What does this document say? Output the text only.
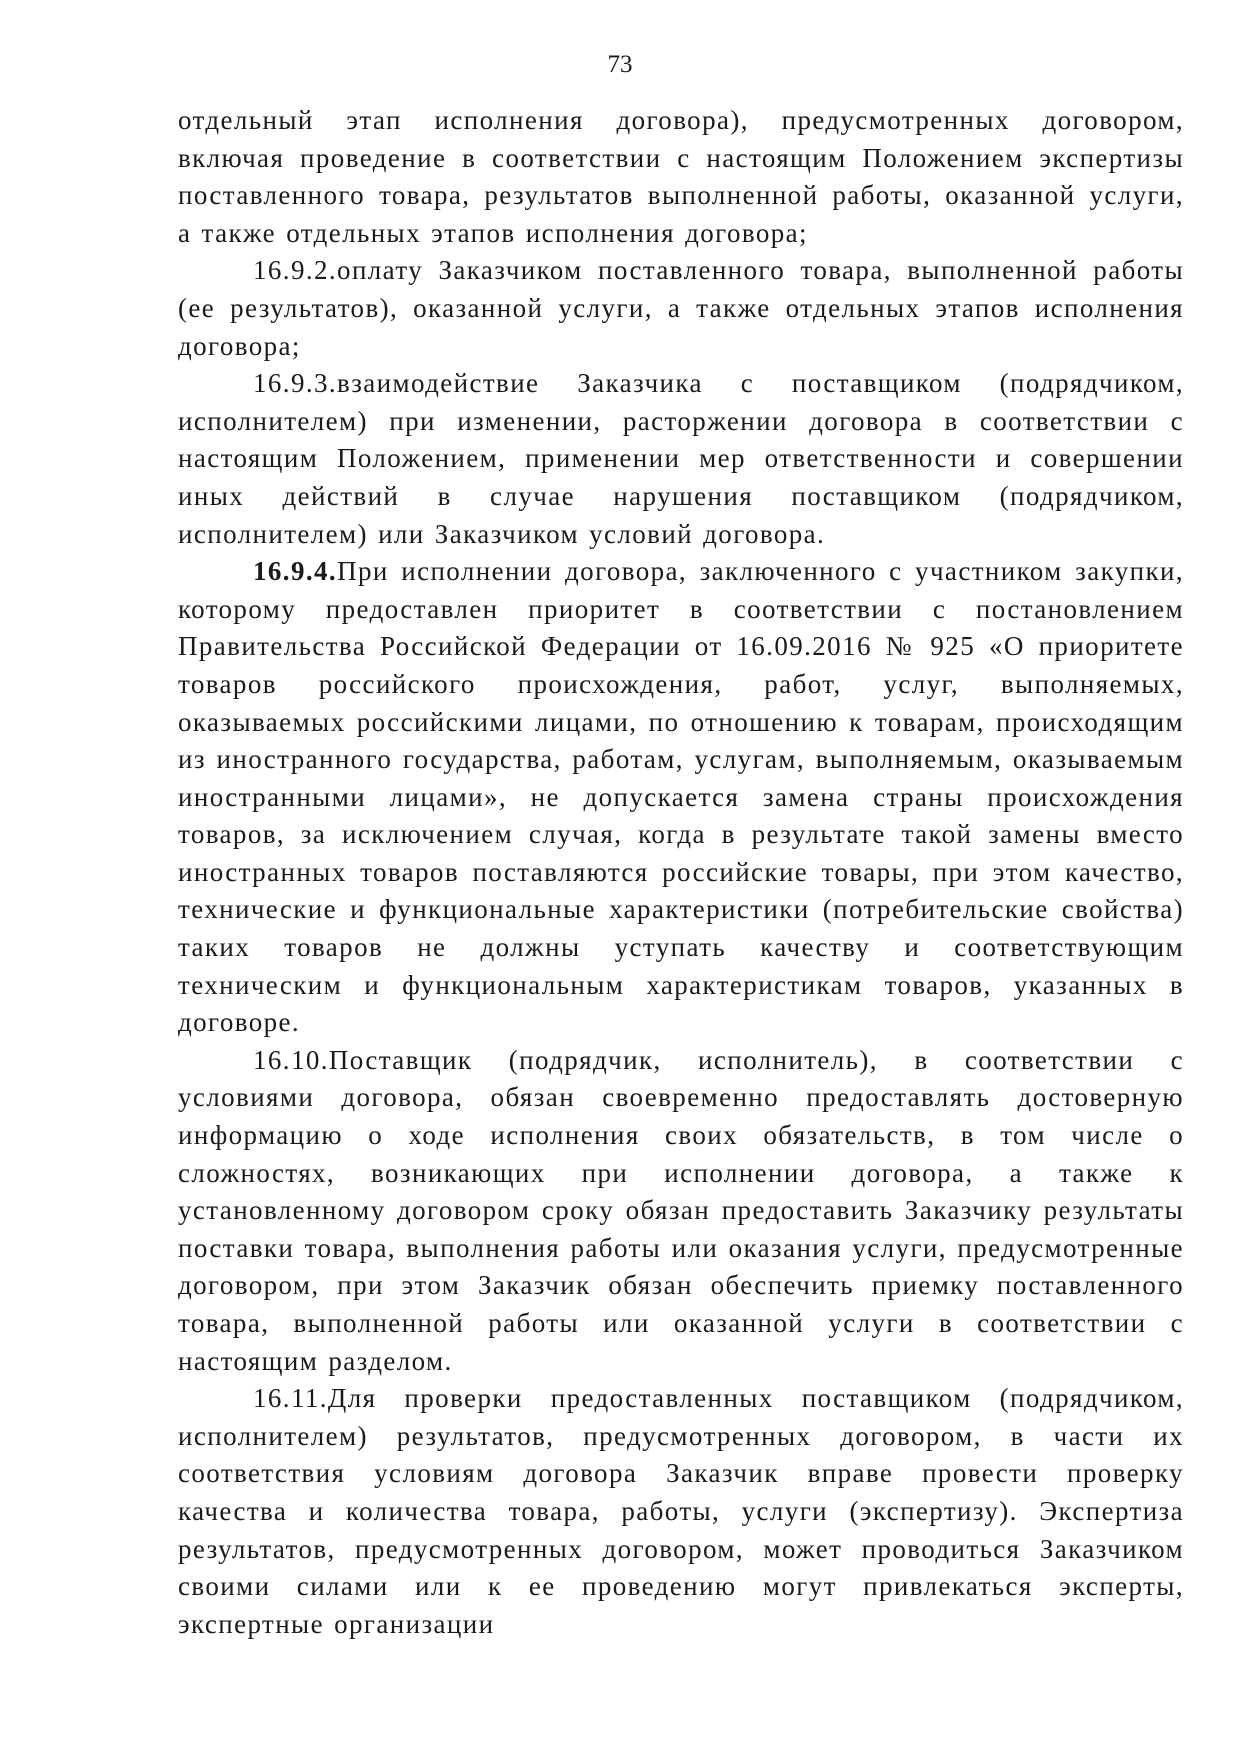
73

отдельный этап исполнения договора), предусмотренных договором, включая проведение в соответствии с настоящим Положением экспертизы поставленного товара, результатов выполненной работы, оказанной услуги, а также отдельных этапов исполнения договора;

16.9.2.оплату Заказчиком поставленного товара, выполненной работы (ее результатов), оказанной услуги, а также отдельных этапов исполнения договора;

16.9.3.взаимодействие Заказчика с поставщиком (подрядчиком, исполнителем) при изменении, расторжении договора в соответствии с настоящим Положением, применении мер ответственности и совершении иных действий в случае нарушения поставщиком (подрядчиком, исполнителем) или Заказчиком условий договора.

16.9.4.При исполнении договора, заключенного с участником закупки, которому предоставлен приоритет в соответствии с постановлением Правительства Российской Федерации от 16.09.2016 № 925 «О приоритете товаров российского происхождения, работ, услуг, выполняемых, оказываемых российскими лицами, по отношению к товарам, происходящим из иностранного государства, работам, услугам, выполняемым, оказываемым иностранными лицами», не допускается замена страны происхождения товаров, за исключением случая, когда в результате такой замены вместо иностранных товаров поставляются российские товары, при этом качество, технические и функциональные характеристики (потребительские свойства) таких товаров не должны уступать качеству и соответствующим техническим и функциональным характеристикам товаров, указанных в договоре.

16.10.Поставщик (подрядчик, исполнитель), в соответствии с условиями договора, обязан своевременно предоставлять достоверную информацию о ходе исполнения своих обязательств, в том числе о сложностях, возникающих при исполнении договора, а также к установленному договором сроку обязан предоставить Заказчику результаты поставки товара, выполнения работы или оказания услуги, предусмотренные договором, при этом Заказчик обязан обеспечить приемку поставленного товара, выполненной работы или оказанной услуги в соответствии с настоящим разделом.

16.11.Для проверки предоставленных поставщиком (подрядчиком, исполнителем) результатов, предусмотренных договором, в части их соответствия условиям договора Заказчик вправе провести проверку качества и количества товара, работы, услуги (экспертизу). Экспертиза результатов, предусмотренных договором, может проводиться Заказчиком своими силами или к ее проведению могут привлекаться эксперты, экспертные организации
